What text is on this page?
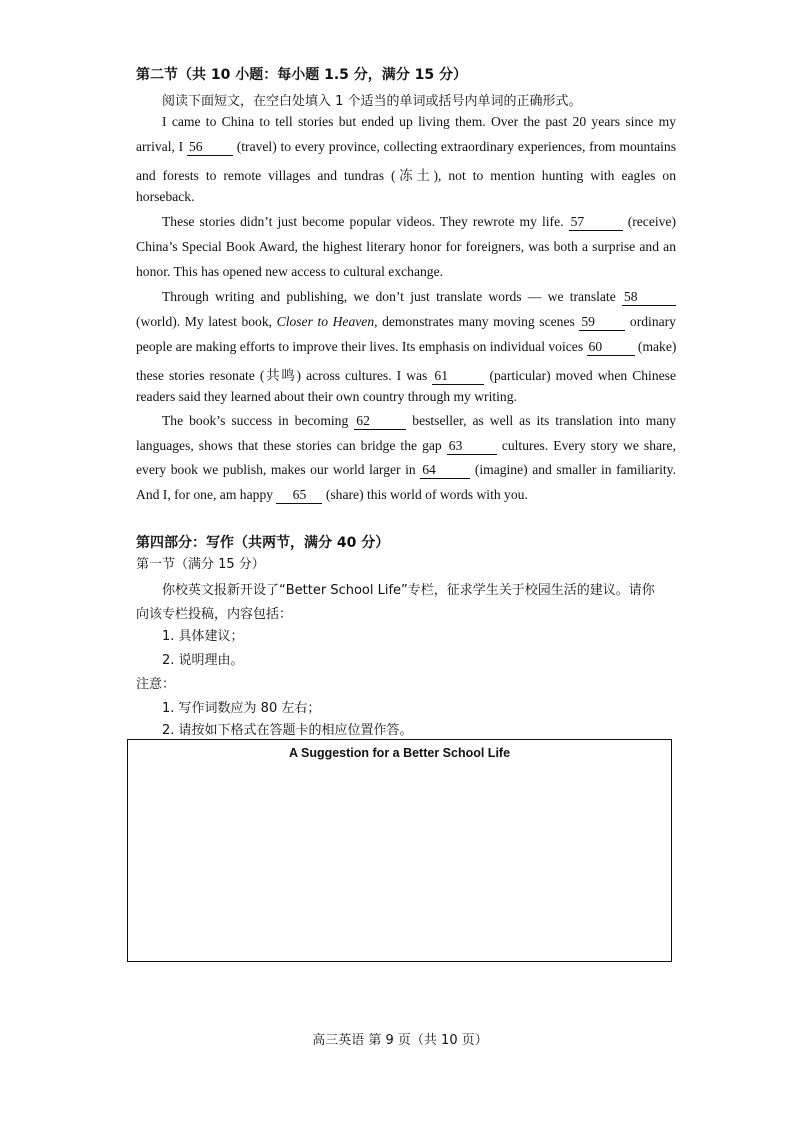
第二节（共 10 小题：每小题 1.5 分，满分 15 分）
阅读下面短文，在空白处填入 1 个适当的单词或括号内单词的正确形式。
I came to China to tell stories but ended up living them. Over the past 20 years since my
arrival, I 56	(travel) to every province, collecting extraordinary experiences, from mountains
and forests to remote villages and tundras (冻土), not to mention hunting with eagles on
horseback.
These stories didn’t just become popular videos. They rewrote my life. 57	(receive)
China’s Special Book Award, the highest literary honor for foreigners, was both a surprise and an
honor. This has opened new access to cultural exchange.
Through writing and publishing, we don’t just translate words — we translate 58
(world). My latest book, Closer to Heaven, demonstrates many moving scenes 59	ordinary
people are making efforts to improve their lives. Its emphasis on individual voices 60	(make)
these stories resonate (共鸣) across cultures. I was 61	(particular) moved when Chinese
readers said they learned about their own country through my writing.
The book’s success in becoming 62	bestseller, as well as its translation into many
languages, shows that these stories can bridge the gap 63	cultures. Every story we share,
every book we publish, makes our world larger in 64	(imagine) and smaller in familiarity.
And I, for one, am happy 65 (share) this world of words with you.
第四部分：写作（共两节，满分 40 分）
第一节（满分 15 分）
你校英文报新开设了“Better School Life”专栏，征求学生关于校园生活的建议。请你
向该专栏投稿，内容包括：
1. 具体建议；
2. 说明理由。
注意：
1. 写作词数应为 80 左右；
2. 请按如下格式在答题卡的相应位置作答。
A Suggestion for a Better School Life
高三英语 第 9 页（共 10 页）
